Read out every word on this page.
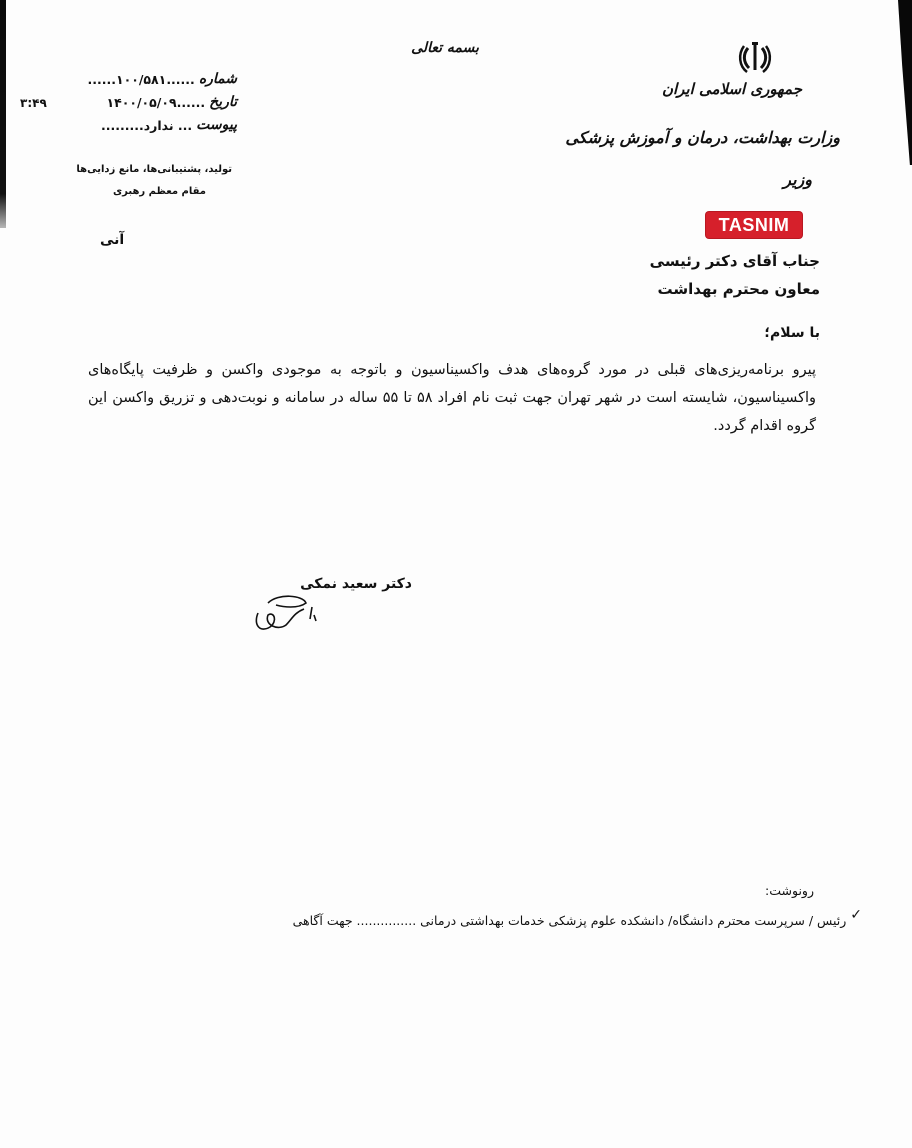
بسمه تعالی
جمهوری اسلامی ایران
وزارت بهداشت، درمان و آموزش پزشکی
وزیر
TASNIM
جناب آقای دکتر رئیسی
معاون محترم بهداشت
شماره
......۱۰۰/۵۸۱......
تاریخ
......۱۴۰۰/۰۵/۰۹
پیوست
... ندارد.........
۳:۴۹
تولید، پشتیبانی‌ها، مانع زدایی‌ها
مقام معظم رهبری
آنی
با سلام؛
پیرو برنامه‌ریزی‌های قبلی در مورد گروه‌های هدف واکسیناسیون و باتوجه به موجودی واکسن و ظرفیت پایگاه‌های واکسیناسیون، شایسته است در شهر تهران جهت ثبت نام افراد ۵۸ تا ۵۵ ساله در سامانه و نوبت‌دهی و تزریق واکسن این گروه اقدام گردد.
دکتر سعید نمکی
رونوشت:
✓
رئیس / سرپرست محترم دانشگاه/ دانشکده علوم پزشکی خدمات بهداشتی درمانی ............... جهت آگاهی
